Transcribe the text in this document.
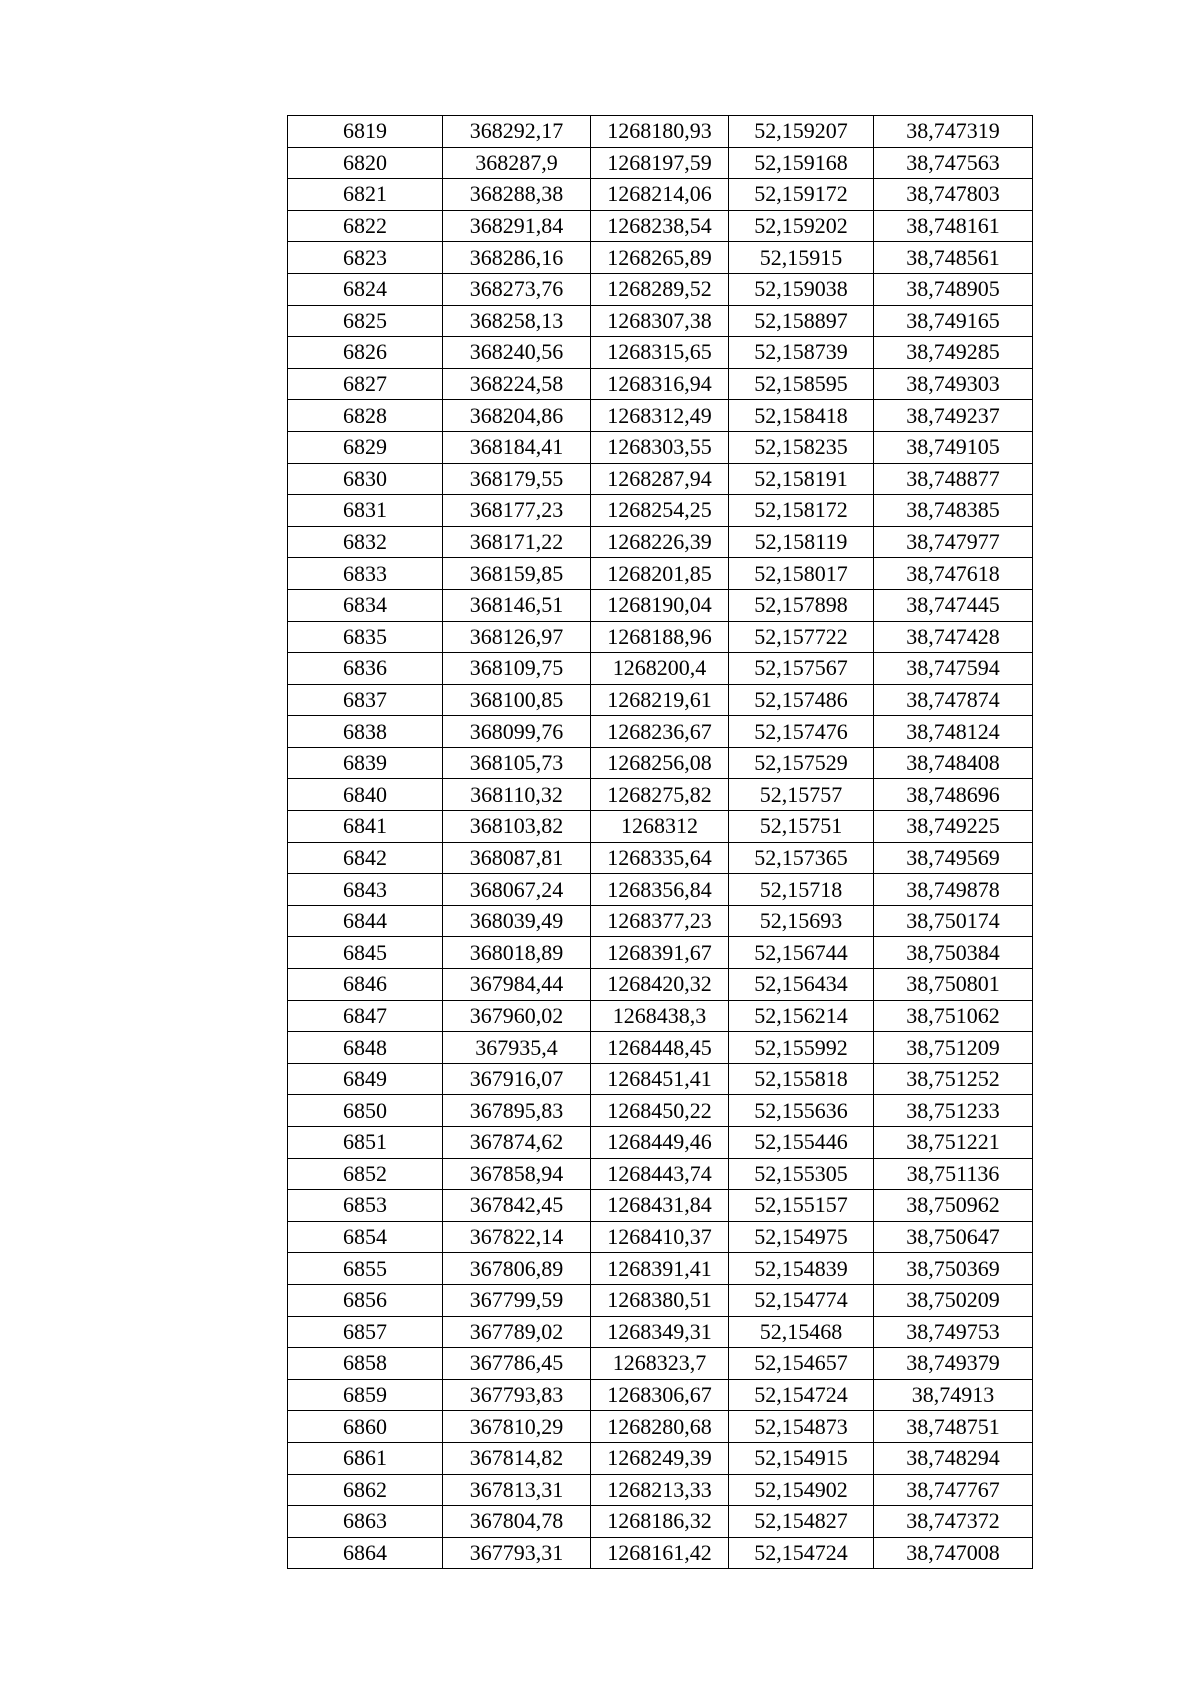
6819	368292,17	1268180,93	52,159207	38,747319
6820	368287,9	1268197,59	52,159168	38,747563
6821	368288,38	1268214,06	52,159172	38,747803
6822	368291,84	1268238,54	52,159202	38,748161
6823	368286,16	1268265,89	52,15915	38,748561
6824	368273,76	1268289,52	52,159038	38,748905
6825	368258,13	1268307,38	52,158897	38,749165
6826	368240,56	1268315,65	52,158739	38,749285
6827	368224,58	1268316,94	52,158595	38,749303
6828	368204,86	1268312,49	52,158418	38,749237
6829	368184,41	1268303,55	52,158235	38,749105
6830	368179,55	1268287,94	52,158191	38,748877
6831	368177,23	1268254,25	52,158172	38,748385
6832	368171,22	1268226,39	52,158119	38,747977
6833	368159,85	1268201,85	52,158017	38,747618
6834	368146,51	1268190,04	52,157898	38,747445
6835	368126,97	1268188,96	52,157722	38,747428
6836	368109,75	1268200,4	52,157567	38,747594
6837	368100,85	1268219,61	52,157486	38,747874
6838	368099,76	1268236,67	52,157476	38,748124
6839	368105,73	1268256,08	52,157529	38,748408
6840	368110,32	1268275,82	52,15757	38,748696
6841	368103,82	1268312	52,15751	38,749225
6842	368087,81	1268335,64	52,157365	38,749569
6843	368067,24	1268356,84	52,15718	38,749878
6844	368039,49	1268377,23	52,15693	38,750174
6845	368018,89	1268391,67	52,156744	38,750384
6846	367984,44	1268420,32	52,156434	38,750801
6847	367960,02	1268438,3	52,156214	38,751062
6848	367935,4	1268448,45	52,155992	38,751209
6849	367916,07	1268451,41	52,155818	38,751252
6850	367895,83	1268450,22	52,155636	38,751233
6851	367874,62	1268449,46	52,155446	38,751221
6852	367858,94	1268443,74	52,155305	38,751136
6853	367842,45	1268431,84	52,155157	38,750962
6854	367822,14	1268410,37	52,154975	38,750647
6855	367806,89	1268391,41	52,154839	38,750369
6856	367799,59	1268380,51	52,154774	38,750209
6857	367789,02	1268349,31	52,15468	38,749753
6858	367786,45	1268323,7	52,154657	38,749379
6859	367793,83	1268306,67	52,154724	38,74913
6860	367810,29	1268280,68	52,154873	38,748751
6861	367814,82	1268249,39	52,154915	38,748294
6862	367813,31	1268213,33	52,154902	38,747767
6863	367804,78	1268186,32	52,154827	38,747372
6864	367793,31	1268161,42	52,154724	38,747008
